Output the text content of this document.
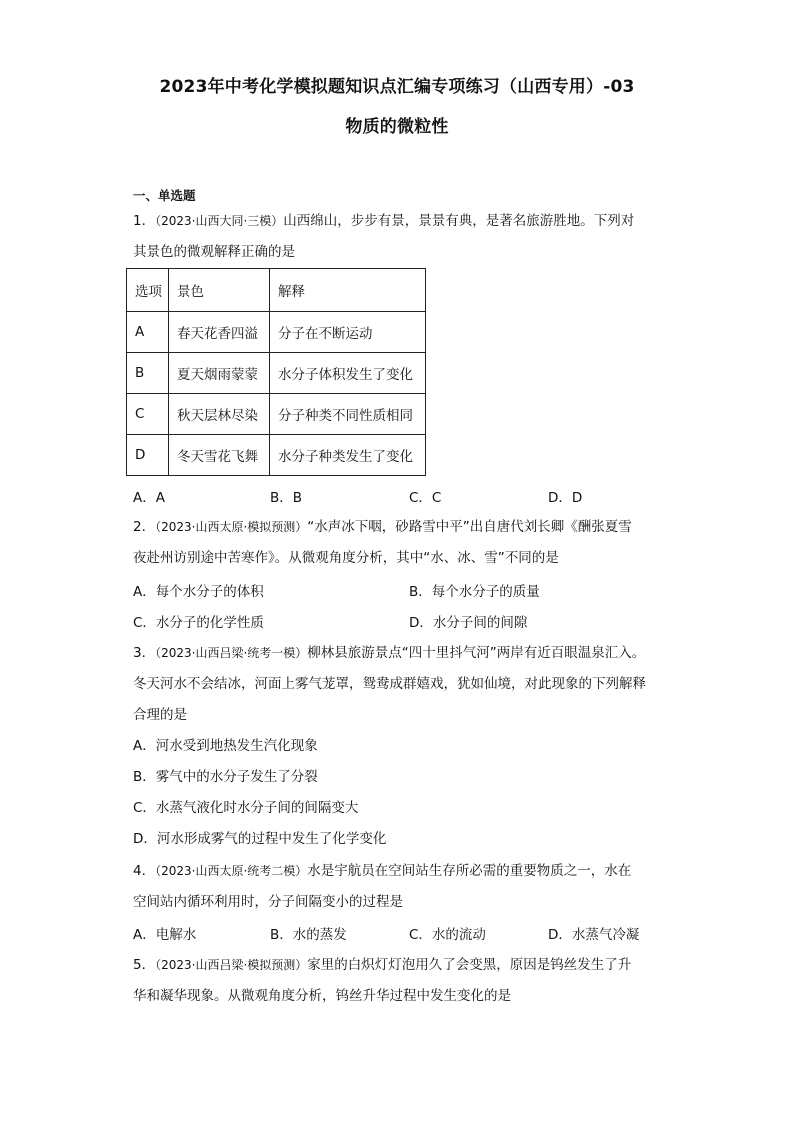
2023年中考化学模拟题知识点汇编专项练习（山西专用）-03
物质的微粒性
一、单选题
1．（2023·山西大同·三模）山西绵山，步步有景，景景有典，是著名旅游胜地。下列对
其景色的微观解释正确的是
选项	景色	解释
A	春天花香四溢	分子在不断运动
B	夏天烟雨蒙蒙	水分子体积发生了变化
C	秋天层林尽染	分子种类不同性质相同
D	冬天雪花飞舞	水分子种类发生了变化
A．A	B．B	C．C	D．D
2．（2023·山西太原·模拟预测）“水声冰下咽，砂路雪中平”出自唐代刘长卿《酬张夏雪
夜赴州访别途中苦寒作》。从微观角度分析，其中“水、冰、雪”不同的是
A．每个水分子的体积	B．每个水分子的质量
C．水分子的化学性质	D．水分子间的间隙
3．（2023·山西吕梁·统考一模）柳林县旅游景点“四十里抖气河”两岸有近百眼温泉汇入。
冬天河水不会结冰，河面上雾气茏罩，鸳鸯成群嬉戏，犹如仙境，对此现象的下列解释
合理的是
A．河水受到地热发生汽化现象
B．雾气中的水分子发生了分裂
C．水蒸气液化时水分子间的间隔变大
D．河水形成雾气的过程中发生了化学变化
4．（2023·山西太原·统考二模）水是宇航员在空间站生存所必需的重要物质之一，水在
空间站内循环利用时，分子间隔变小的过程是
A．电解水	B．水的蒸发	C．水的流动	D．水蒸气冷凝
5．（2023·山西吕梁·模拟预测）家里的白炽灯灯泡用久了会变黑，原因是钨丝发生了升
华和凝华现象。从微观角度分析，钨丝升华过程中发生变化的是
